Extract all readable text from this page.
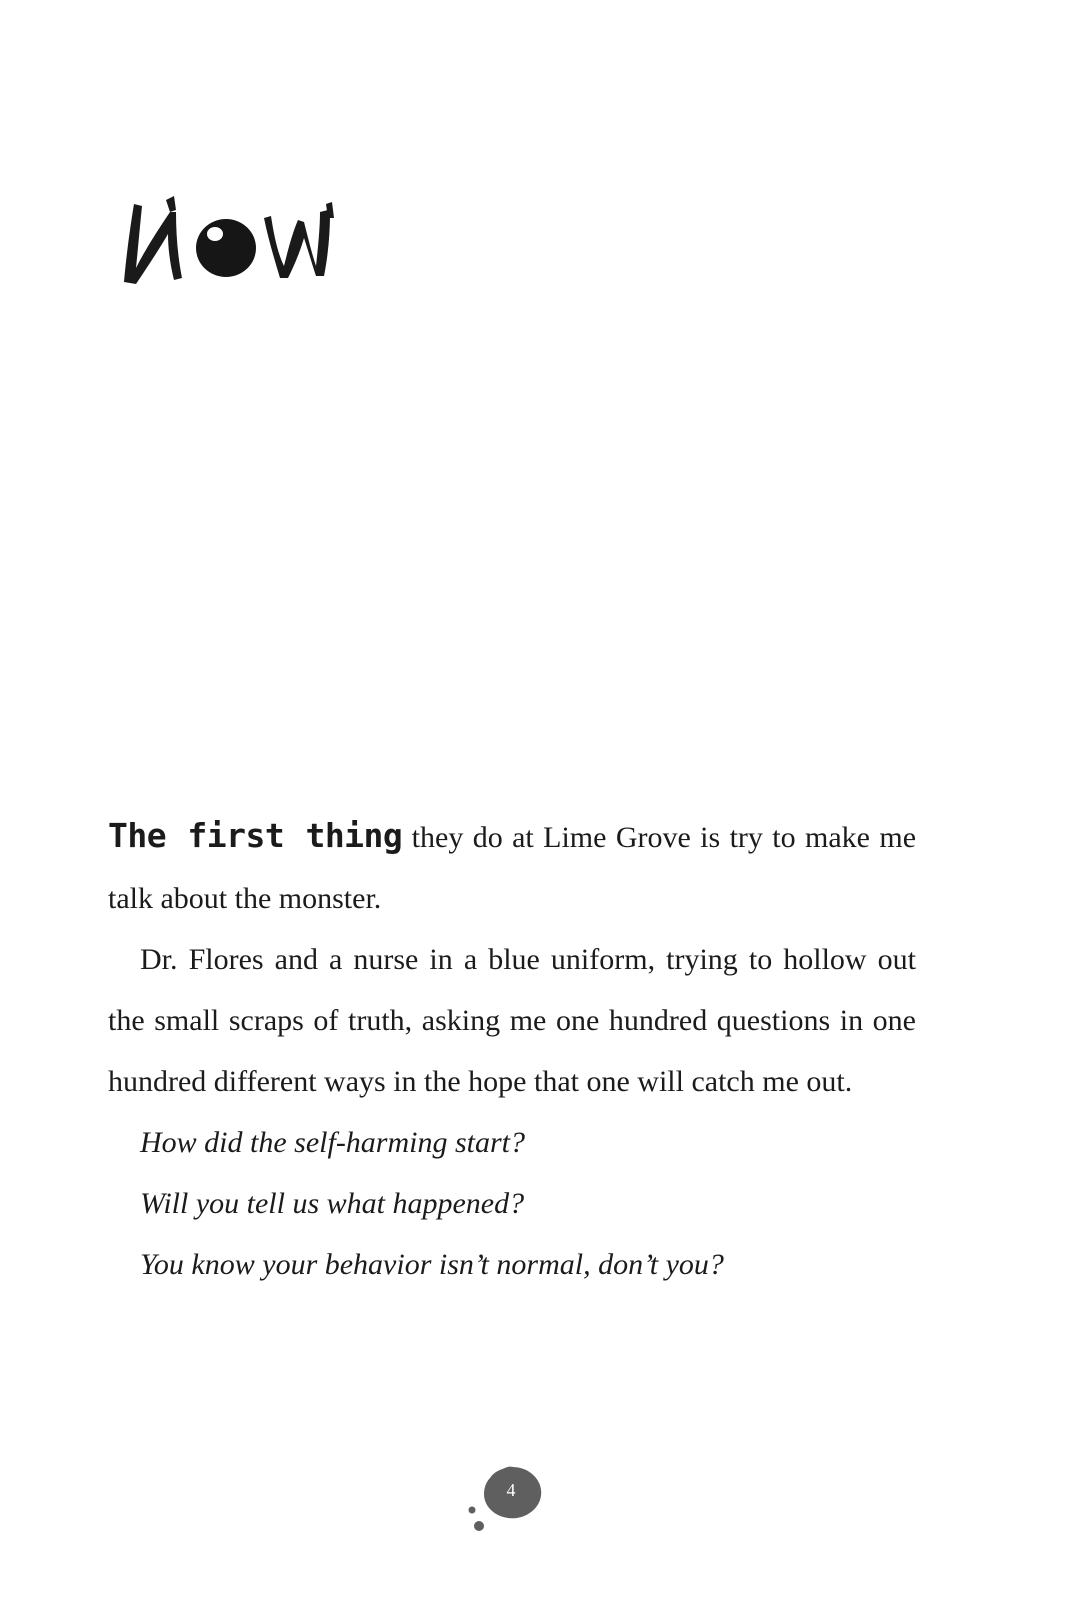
The first thing they do at Lime Grove is try to make me talk about the monster.

Dr. Flores and a nurse in a blue uniform, trying to hollow out the small scraps of truth, asking me one hundred questions in one hundred different ways in the hope that one will catch me out.

How did the self-harming start?

Will you tell us what happened?

You know your behavior isn’t normal, don’t you?

4
